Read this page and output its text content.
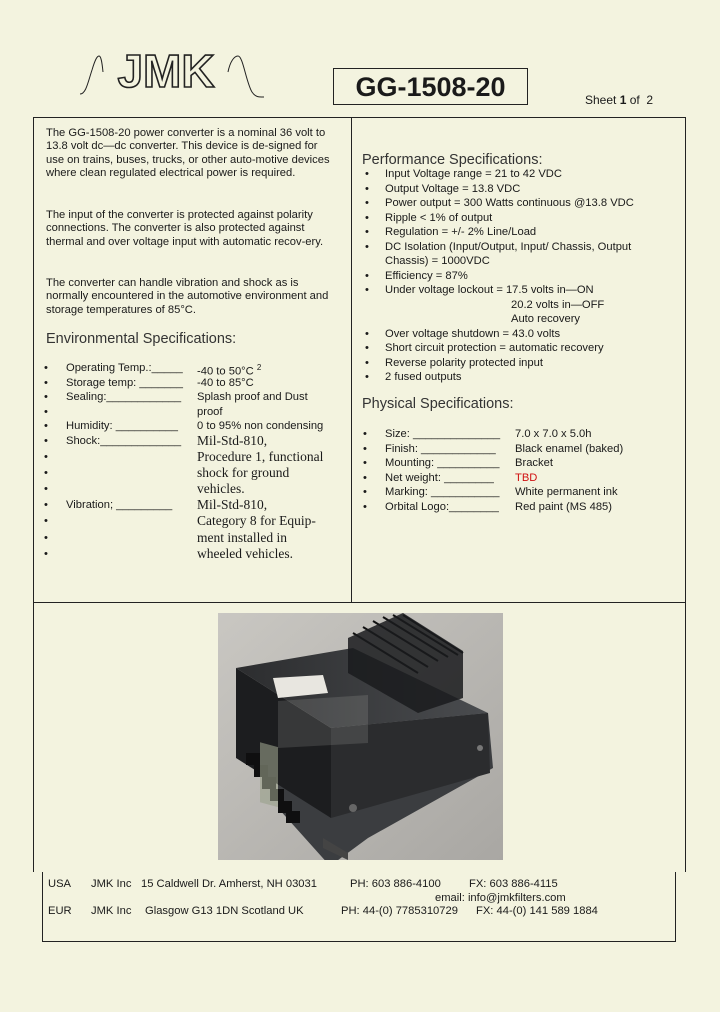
JMK	GG-1508-20	Sheet 1 of 2
The GG-1508-20 power converter is a nominal 36 volt to 13.8 volt dc—dc converter. This device is de-signed for use on trains, buses, trucks, or other auto-motive devices where clean regulated electrical power is required.
The input of the converter is protected against polarity connections. The converter is also protected against thermal and over voltage input with automatic recov-ery.
The converter can handle vibration and shock as is normally encountered in the automotive environment and storage temperatures of 85°C.
Environmental Specifications:
• Operating Temp.:_____ -40 to 50°C $^2$
• Storage temp: _______ -40 to 85°C
• Sealing:____________ Splash proof and Dust
•	proof
• Humidity: __________ 0 to 95% non condensing
• Shock:_____________ Mil-Std-810,
•	Procedure 1, functional
•	shock for ground
•	vehicles.
• Vibration; _________ Mil-Std-810,
•	Category 8 for Equip-
•	ment installed in
•	wheeled vehicles.
Performance Specifications:
• Input Voltage range = 21 to 42 VDC
• Output Voltage = 13.8 VDC
• Power output = 300 Watts continuous @13.8 VDC
• Ripple < 1% of output
• Regulation = +/- 2% Line/Load
• DC Isolation (Input/Output, Input/ Chassis, Output
Chassis) = 1000VDC
• Efficiency = 87%
• Under voltage lockout = 17.5 volts in—ON
20.2 volts in—OFF
Auto recovery
• Over voltage shutdown = 43.0 volts
• Short circuit protection = automatic recovery
• Reverse polarity protected input
• 2 fused outputs
Physical Specifications:
• Size: ______________ 7.0 x 7.0 x 5.0h
• Finish: ____________ Black enamel (baked)
• Mounting: __________ Bracket
• Net weight: ________ TBD
• Marking: ___________ White permanent ink
• Orbital Logo:________ Red paint (MS 485)
USA JMK Inc 15 Caldwell Dr. Amherst, NH 03031	PH: 603 886-4100	FX: 603 886-4115
email: info@jmkfilters.com
EUR JMK Inc Glasgow G13 1DN Scotland UK	PH: 44-(0) 7785310729 FX: 44-(0) 141 589 1884
